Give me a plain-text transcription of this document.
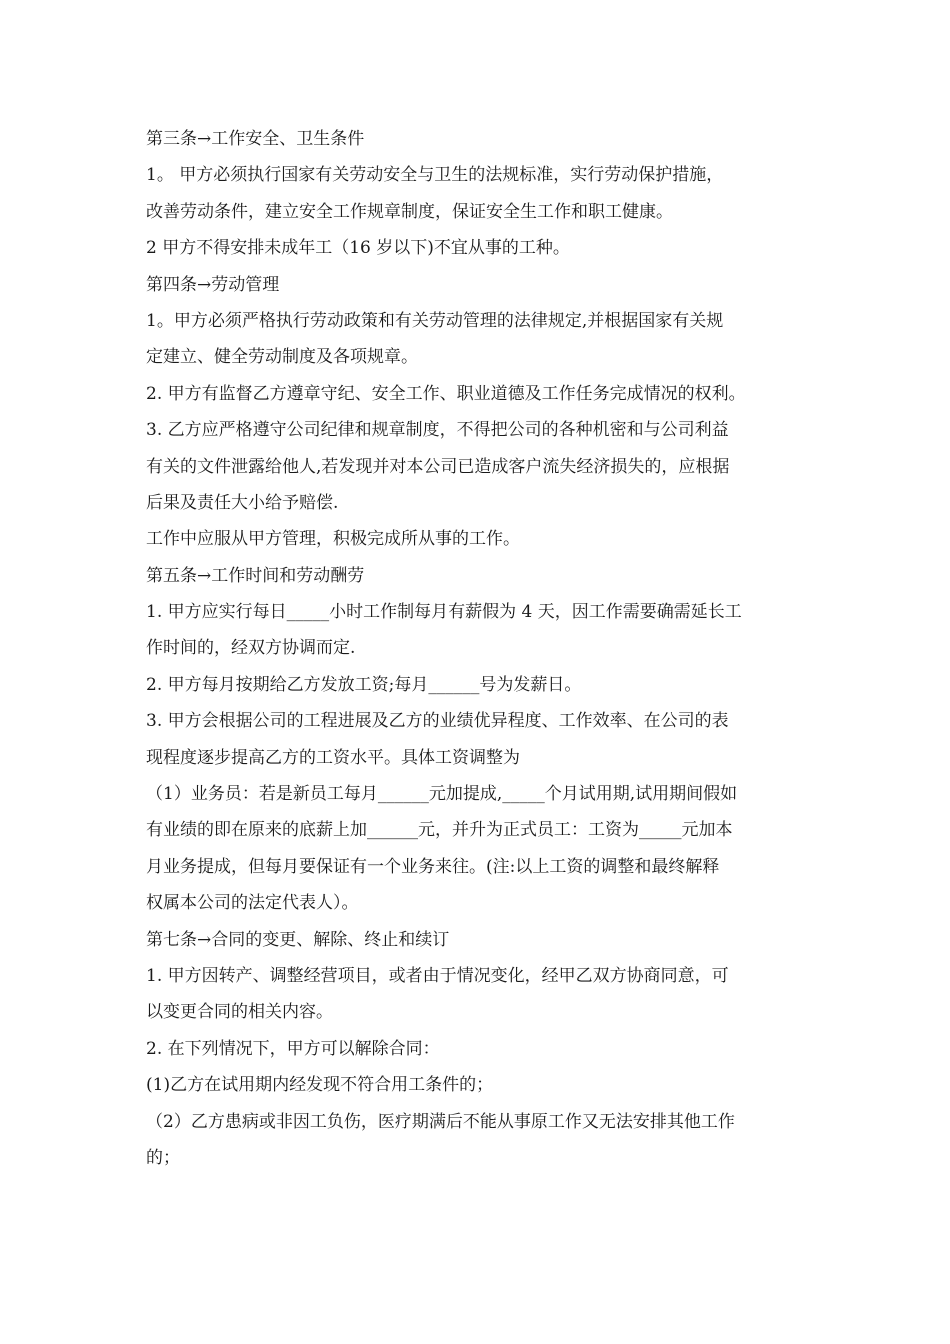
第三条→工作安全、卫生条件

1。 甲方必须执行国家有关劳动安全与卫生的法规标准，实行劳动保护措施，

改善劳动条件，建立安全工作规章制度，保证安全生工作和职工健康。

2 甲方不得安排未成年工（16 岁以下)不宜从事的工种。

第四条→劳动管理

1。甲方必须严格执行劳动政策和有关劳动管理的法律规定,并根据国家有关规

定建立、健全劳动制度及各项规章。

2. 甲方有监督乙方遵章守纪、安全工作、职业道德及工作任务完成情况的权利。

3. 乙方应严格遵守公司纪律和规章制度，不得把公司的各种机密和与公司利益

有关的文件泄露给他人,若发现并对本公司已造成客户流失经济损失的，应根据

后果及责任大小给予赔偿.

工作中应服从甲方管理，积极完成所从事的工作。

第五条→工作时间和劳动酬劳

1. 甲方应实行每日_____小时工作制每月有薪假为 4 天，因工作需要确需延长工

作时间的，经双方协调而定.

2. 甲方每月按期给乙方发放工资;每月______号为发薪日。

3. 甲方会根据公司的工程进展及乙方的业绩优异程度、工作效率、在公司的表

现程度逐步提高乙方的工资水平。具体工资调整为

（1）业务员：若是新员工每月______元加提成,_____个月试用期,试用期间假如

有业绩的即在原来的底薪上加______元，并升为正式员工：工资为_____元加本

月业务提成，但每月要保证有一个业务来往。(注:以上工资的调整和最终解释

权属本公司的法定代表人）。

第七条→合同的变更、解除、终止和续订

1. 甲方因转产、调整经营项目，或者由于情况变化，经甲乙双方协商同意，可

以变更合同的相关内容。

2. 在下列情况下，甲方可以解除合同：

(1)乙方在试用期内经发现不符合用工条件的；

（2）乙方患病或非因工负伤，医疗期满后不能从事原工作又无法安排其他工作

的；
